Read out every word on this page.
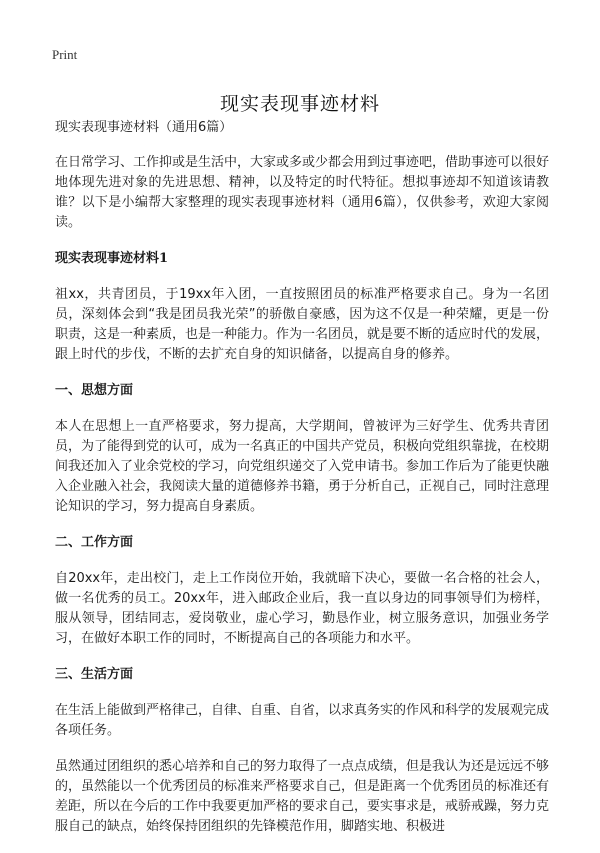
Print
现实表现事迹材料

现实表现事迹材料（通用6篇）

在日常学习、工作抑或是生活中，大家或多或少都会用到过事迹吧，借助事迹可以很好地体现先进对象的先进思想、精神，以及特定的时代特征。想拟事迹却不知道该请教谁？以下是小编帮大家整理的现实表现事迹材料（通用6篇），仅供参考，欢迎大家阅读。

现实表现事迹材料1

祖xx，共青团员，于19xx年入团，一直按照团员的标准严格要求自己。身为一名团员，深刻体会到“我是团员我光荣”的骄傲自豪感，因为这不仅是一种荣耀，更是一份职责，这是一种素质，也是一种能力。作为一名团员，就是要不断的适应时代的发展，跟上时代的步伐，不断的去扩充自身的知识储备，以提高自身的修养。

一、思想方面

本人在思想上一直严格要求，努力提高，大学期间，曾被评为三好学生、优秀共青团员，为了能得到党的认可，成为一名真正的中国共产党员，积极向党组织靠拢，在校期间我还加入了业余党校的学习，向党组织递交了入党申请书。参加工作后为了能更快融入企业融入社会，我阅读大量的道德修养书籍，勇于分析自己，正视自己，同时注意理论知识的学习，努力提高自身素质。

二、工作方面

自20xx年，走出校门，走上工作岗位开始，我就暗下决心，要做一名合格的社会人，做一名优秀的员工。20xx年，进入邮政企业后，我一直以身边的同事领导们为榜样，服从领导，团结同志，爱岗敬业，虚心学习，勤恳作业，树立服务意识，加强业务学习，在做好本职工作的同时，不断提高自己的各项能力和水平。

三、生活方面

在生活上能做到严格律己，自律、自重、自省，以求真务实的作风和科学的发展观完成各项任务。

虽然通过团组织的悉心培养和自己的努力取得了一点点成绩，但是我认为还是远远不够的，虽然能以一个优秀团员的标准来严格要求自己，但是距离一个优秀团员的标准还有差距，所以在今后的工作中我要更加严格的要求自己，要实事求是，戒骄戒躁，努力克服自己的缺点，始终保持团组织的先锋模范作用，脚踏实地、积极进
